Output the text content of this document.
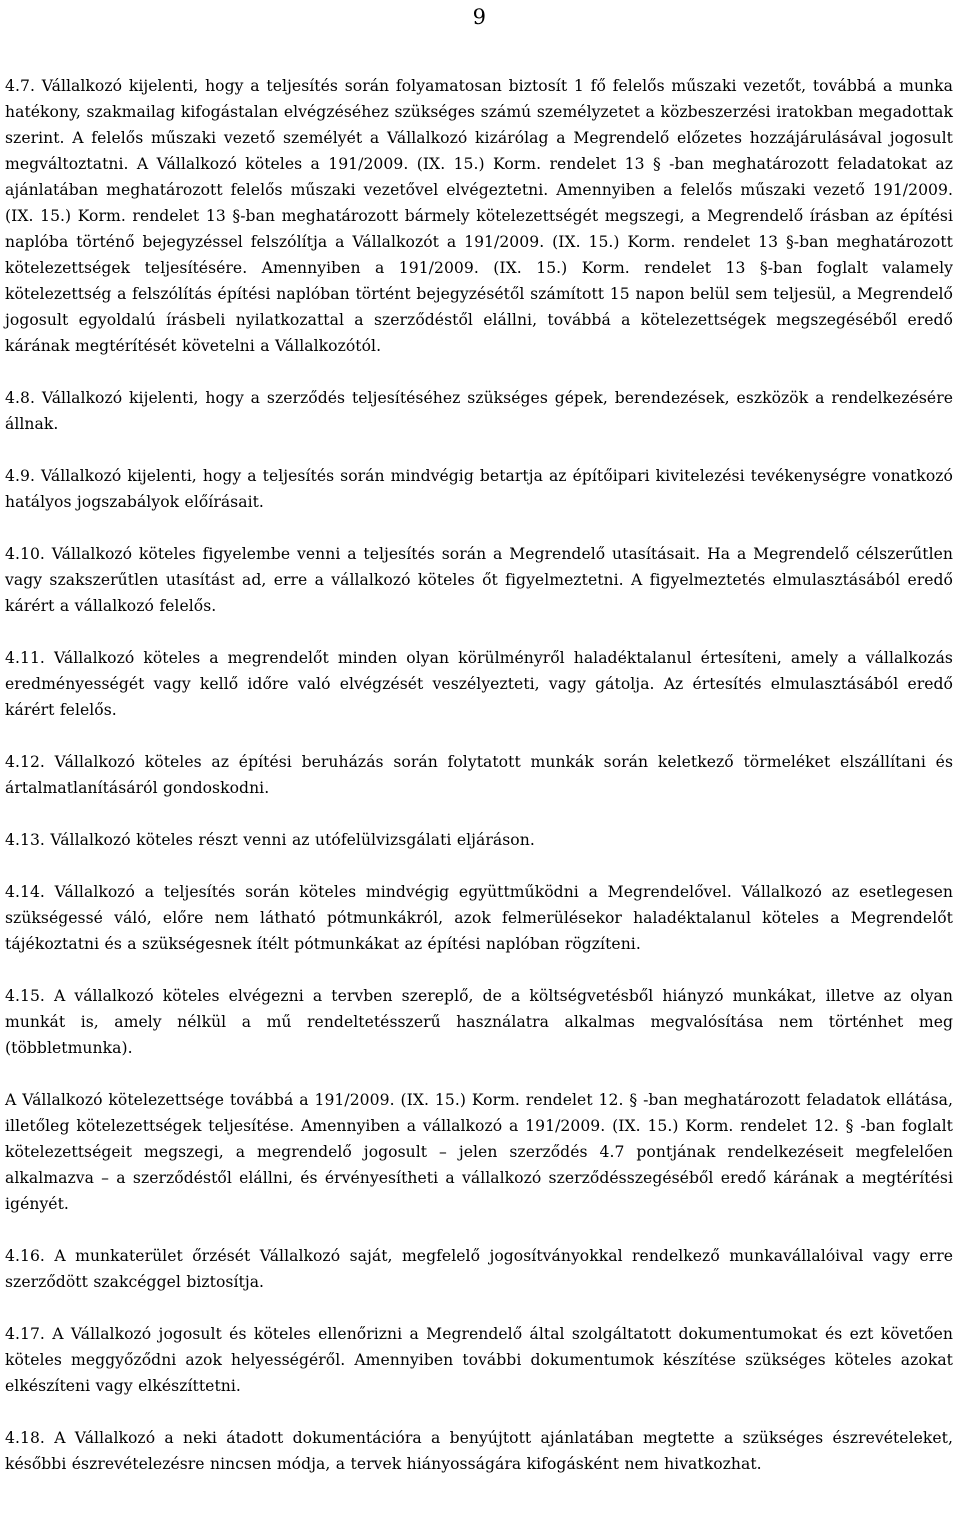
9

4.7. Vállalkozó kijelenti, hogy a teljesítés során folyamatosan biztosít 1 fő felelős műszaki vezetőt, továbbá a munka hatékony, szakmailag kifogástalan elvégzéséhez szükséges számú személyzetet a közbeszerzési iratokban megadottak szerint. A felelős műszaki vezető személyét a Vállalkozó kizárólag a Megrendelő előzetes hozzájárulásával jogosult megváltoztatni. A Vállalkozó köteles a 191/2009. (IX. 15.) Korm. rendelet 13 § -ban meghatározott feladatokat az ajánlatában meghatározott felelős műszaki vezetővel elvégeztetni. Amennyiben a felelős műszaki vezető 191/2009. (IX. 15.) Korm. rendelet 13 §-ban meghatározott bármely kötelezettségét megszegi, a Megrendelő írásban az építési naplóba történő bejegyzéssel felszólítja a Vállalkozót a 191/2009. (IX. 15.) Korm. rendelet 13 §-ban meghatározott kötelezettségek teljesítésére. Amennyiben a 191/2009. (IX. 15.) Korm. rendelet 13 §-ban foglalt valamely kötelezettség a felszólítás építési naplóban történt bejegyzésétől számított 15 napon belül sem teljesül, a Megrendelő jogosult egyoldalú írásbeli nyilatkozattal a szerződéstől elállni, továbbá a kötelezettségek megszegéséből eredő kárának megtérítését követelni a Vállalkozótól.

4.8. Vállalkozó kijelenti, hogy a szerződés teljesítéséhez szükséges gépek, berendezések, eszközök a rendelkezésére állnak.

4.9. Vállalkozó kijelenti, hogy a teljesítés során mindvégig betartja az építőipari kivitelezési tevékenységre vonatkozó hatályos jogszabályok előírásait.

4.10. Vállalkozó köteles figyelembe venni a teljesítés során a Megrendelő utasításait. Ha a Megrendelő célszerűtlen vagy szakszerűtlen utasítást ad, erre a vállalkozó köteles őt figyelmeztetni. A figyelmeztetés elmulasztásából eredő kárért a vállalkozó felelős.

4.11. Vállalkozó köteles a megrendelőt minden olyan körülményről haladéktalanul értesíteni, amely a vállalkozás eredményességét vagy kellő időre való elvégzését veszélyezteti, vagy gátolja. Az értesítés elmulasztásából eredő kárért felelős.

4.12. Vállalkozó köteles az építési beruházás során folytatott munkák során keletkező törmeléket elszállítani és ártalmatlanításáról gondoskodni.

4.13. Vállalkozó köteles részt venni az utófelülvizsgálati eljáráson.

4.14. Vállalkozó a teljesítés során köteles mindvégig együttműködni a Megrendelővel. Vállalkozó az esetlegesen szükségessé váló, előre nem látható pótmunkákról, azok felmerülésekor haladéktalanul köteles a Megrendelőt tájékoztatni és a szükségesnek ítélt pótmunkákat az építési naplóban rögzíteni.

4.15. A vállalkozó köteles elvégezni a tervben szereplő, de a költségvetésből hiányzó munkákat, illetve az olyan munkát is, amely nélkül a mű rendeltetésszerű használatra alkalmas megvalósítása nem történhet meg (többletmunka).

A Vállalkozó kötelezettsége továbbá a 191/2009. (IX. 15.) Korm. rendelet 12. § -ban meghatározott feladatok ellátása, illetőleg kötelezettségek teljesítése. Amennyiben a vállalkozó a 191/2009. (IX. 15.) Korm. rendelet 12. § -ban foglalt kötelezettségeit megszegi, a megrendelő jogosult – jelen szerződés 4.7 pontjának rendelkezéseit megfelelően alkalmazva – a szerződéstől elállni, és érvényesítheti a vállalkozó szerződésszegéséből eredő kárának a megtérítési igényét.

4.16. A munkaterület őrzését Vállalkozó saját, megfelelő jogosítványokkal rendelkező munkavállalóival vagy erre szerződött szakcéggel biztosítja.

4.17. A Vállalkozó jogosult és köteles ellenőrizni a Megrendelő által szolgáltatott dokumentumokat és ezt követően köteles meggyőződni azok helyességéről. Amennyiben további dokumentumok készítése szükséges köteles azokat elkészíteni vagy elkészíttetni.

4.18. A Vállalkozó a neki átadott dokumentációra a benyújtott ajánlatában megtette a szükséges észrevételeket, későbbi észrevételezésre nincsen módja, a tervek hiányosságára kifogásként nem hivatkozhat.
